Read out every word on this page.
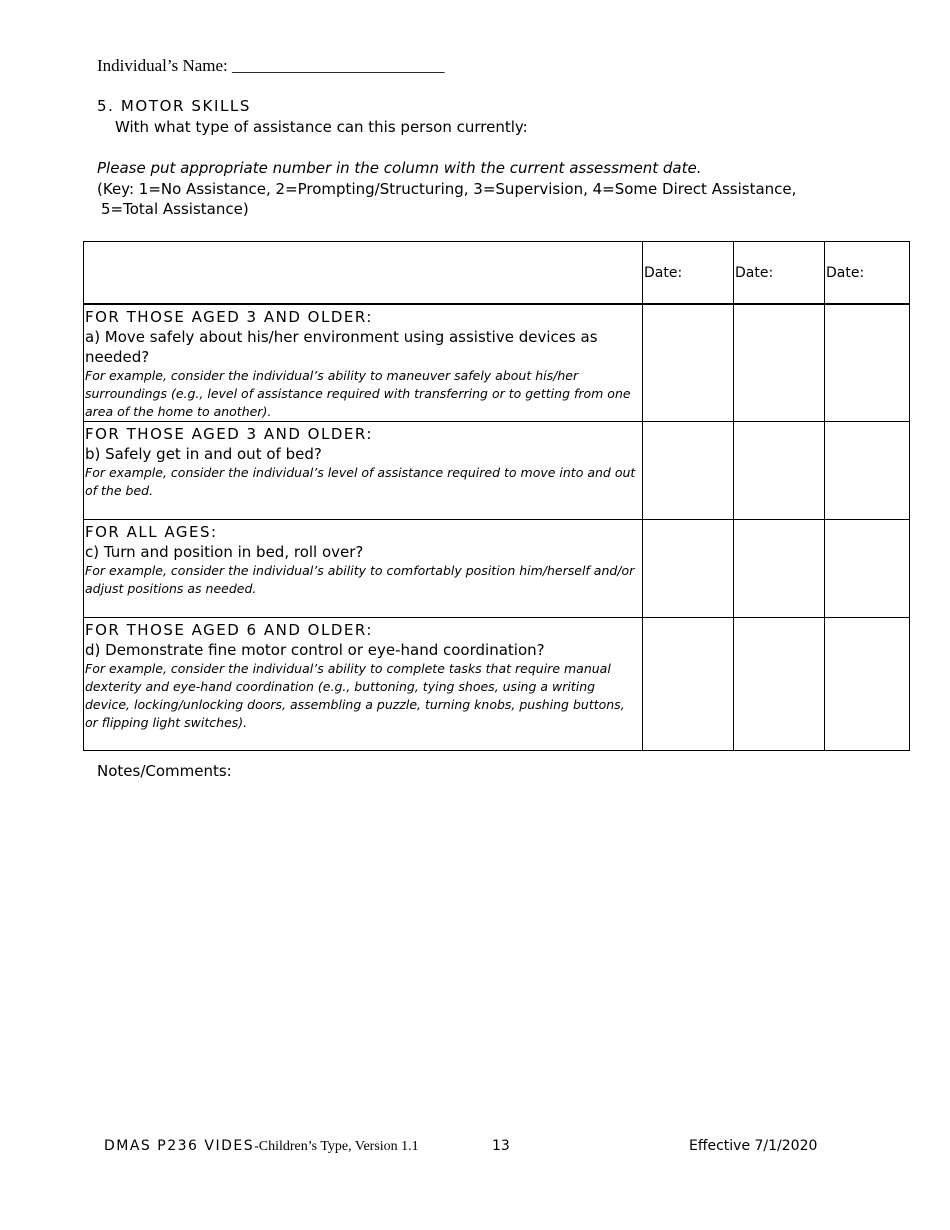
Individual’s Name: _________________________
5. MOTOR SKILLS
With what type of assistance can this person currently:
Please put appropriate number in the column with the current assessment date.
(Key: 1=No Assistance, 2=Prompting/Structuring, 3=Supervision, 4=Some Direct Assistance,
5=Total Assistance)
	Date:	Date:	Date:

FOR THOSE AGED 3 AND OLDER:
a) Move safely about his/her environment using assistive devices as needed?
For example, consider the individual’s ability to maneuver safely about his/her surroundings (e.g., level of assistance required with transferring or to getting from one area of the home to another).			

FOR THOSE AGED 3 AND OLDER:
b) Safely get in and out of bed?
For example, consider the individual’s level of assistance required to move into and out of the bed.			

FOR ALL AGES:
c) Turn and position in bed, roll over?
For example, consider the individual’s ability to comfortably position him/herself and/or adjust positions as needed.			

FOR THOSE AGED 6 AND OLDER:
d) Demonstrate fine motor control or eye-hand coordination?
For example, consider the individual’s ability to complete tasks that require manual dexterity and eye-hand coordination (e.g., buttoning, tying shoes, using a writing device, locking/unlocking doors, assembling a puzzle, turning knobs, pushing buttons, or flipping light switches).			

Notes/Comments:
DMAS P236 VIDES-Children’s Type, Version 1.1	13	Effective 7/1/2020
